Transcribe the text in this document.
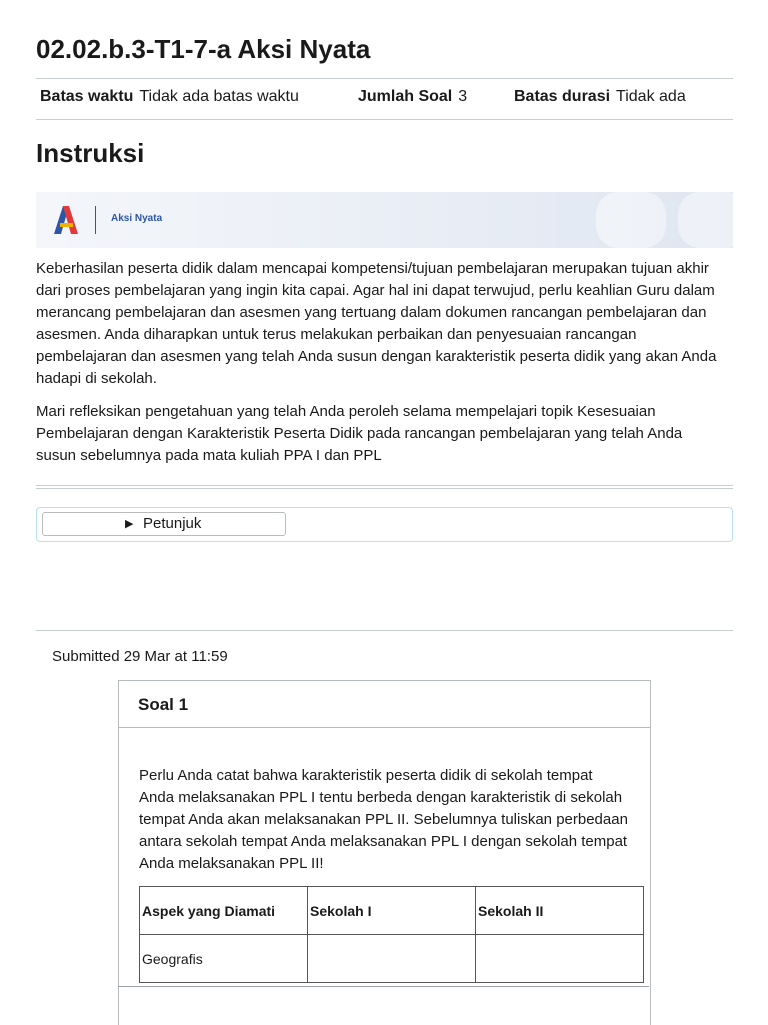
02.02.b.3-T1-7-a Aksi Nyata
Batas waktu Tidak ada batas waktu	Jumlah Soal 3	Batas durasi Tidak ada
Instruksi
Aksi Nyata

Keberhasilan peserta didik dalam mencapai kompetensi/tujuan pembelajaran merupakan tujuan akhir dari proses pembelajaran yang ingin kita capai. Agar hal ini dapat terwujud, perlu keahlian Guru dalam merancang pembelajaran dan asesmen yang tertuang dalam dokumen rancangan pembelajaran dan asesmen. Anda diharapkan untuk terus melakukan perbaikan dan penyesuaian rancangan pembelajaran dan asesmen yang telah Anda susun dengan karakteristik peserta didik yang akan Anda hadapi di sekolah.

Mari refleksikan pengetahuan yang telah Anda peroleh selama mempelajari topik Kesesuaian Pembelajaran dengan Karakteristik Peserta Didik pada rancangan pembelajaran yang telah Anda susun sebelumnya pada mata kuliah PPA I dan PPL

▶ Petunjuk
Submitted 29 Mar at 11:59
Soal 1

Perlu Anda catat bahwa karakteristik peserta didik di sekolah tempat Anda melaksanakan PPL I tentu berbeda dengan karakteristik di sekolah tempat Anda akan melaksanakan PPL II. Sebelumnya tuliskan perbedaan antara sekolah tempat Anda melaksanakan PPL I dengan sekolah tempat Anda melaksanakan PPL II!

Aspek yang Diamati	Sekolah I	Sekolah II
Geografis		
